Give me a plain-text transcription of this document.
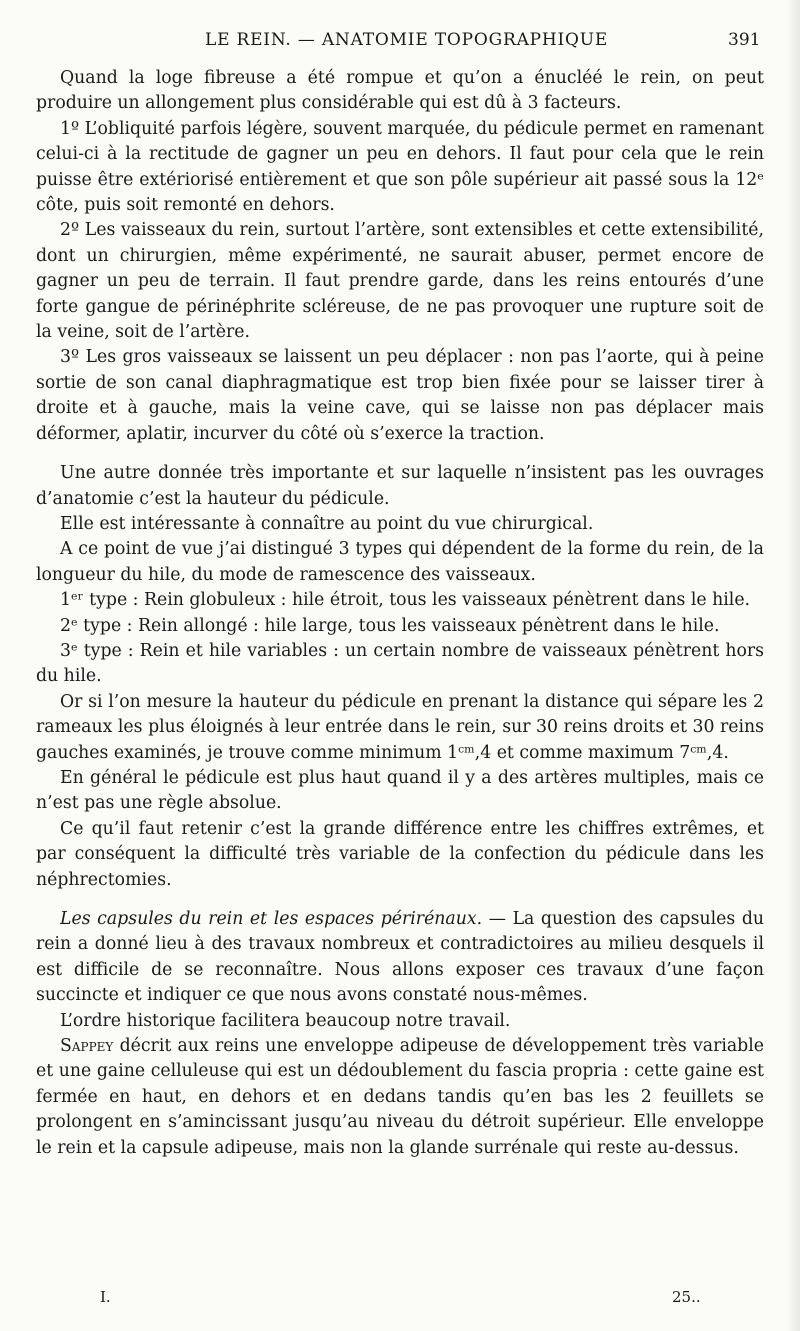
LE REIN. — ANATOMIE TOPOGRAPHIQUE	391

Quand la loge fibreuse a été rompue et qu’on a énucléé le rein, on peut produire un allongement plus considérable qui est dû à 3 facteurs.

1º L’obliquité parfois légère, souvent marquée, du pédicule permet en ramenant celui-ci à la rectitude de gagner un peu en dehors. Il faut pour cela que le rein puisse être extériorisé entièrement et que son pôle supérieur ait passé sous la 12ᵉ côte, puis soit remonté en dehors.

2º Les vaisseaux du rein, surtout l’artère, sont extensibles et cette extensibilité, dont un chirurgien, même expérimenté, ne saurait abuser, permet encore de gagner un peu de terrain. Il faut prendre garde, dans les reins entourés d’une forte gangue de périnéphrite scléreuse, de ne pas provoquer une rupture soit de la veine, soit de l’artère.

3º Les gros vaisseaux se laissent un peu déplacer : non pas l’aorte, qui à peine sortie de son canal diaphragmatique est trop bien fixée pour se laisser tirer à droite et à gauche, mais la veine cave, qui se laisse non pas déplacer mais déformer, aplatir, incurver du côté où s’exerce la traction.

Une autre donnée très importante et sur laquelle n’insistent pas les ouvrages d’anatomie c’est la hauteur du pédicule.

Elle est intéressante à connaître au point du vue chirurgical.

A ce point de vue j’ai distingué 3 types qui dépendent de la forme du rein, de la longueur du hile, du mode de ramescence des vaisseaux.

1ᵉʳ type : Rein globuleux : hile étroit, tous les vaisseaux pénètrent dans le hile.

2ᵉ type : Rein allongé : hile large, tous les vaisseaux pénètrent dans le hile.

3ᵉ type : Rein et hile variables : un certain nombre de vaisseaux pénètrent hors du hile.

Or si l’on mesure la hauteur du pédicule en prenant la distance qui sépare les 2 rameaux les plus éloignés à leur entrée dans le rein, sur 30 reins droits et 30 reins gauches examinés, je trouve comme minimum 1ᶜᵐ,4 et comme maximum 7ᶜᵐ,4.

En général le pédicule est plus haut quand il y a des artères multiples, mais ce n’est pas une règle absolue.

Ce qu’il faut retenir c’est la grande différence entre les chiffres extrêmes, et par conséquent la difficulté très variable de la confection du pédicule dans les néphrectomies.

Les capsules du rein et les espaces périrénaux. — La question des capsules du rein a donné lieu à des travaux nombreux et contradictoires au milieu desquels il est difficile de se reconnaître. Nous allons exposer ces travaux d’une façon succincte et indiquer ce que nous avons constaté nous-mêmes.

L’ordre historique facilitera beaucoup notre travail.

Sappey décrit aux reins une enveloppe adipeuse de développement très variable et une gaine celluleuse qui est un dédoublement du fascia propria : cette gaine est fermée en haut, en dehors et en dedans tandis qu’en bas les 2 feuillets se prolongent en s’amincissant jusqu’au niveau du détroit supérieur. Elle enveloppe le rein et la capsule adipeuse, mais non la glande surrénale qui reste au-dessus.

I.	25..
